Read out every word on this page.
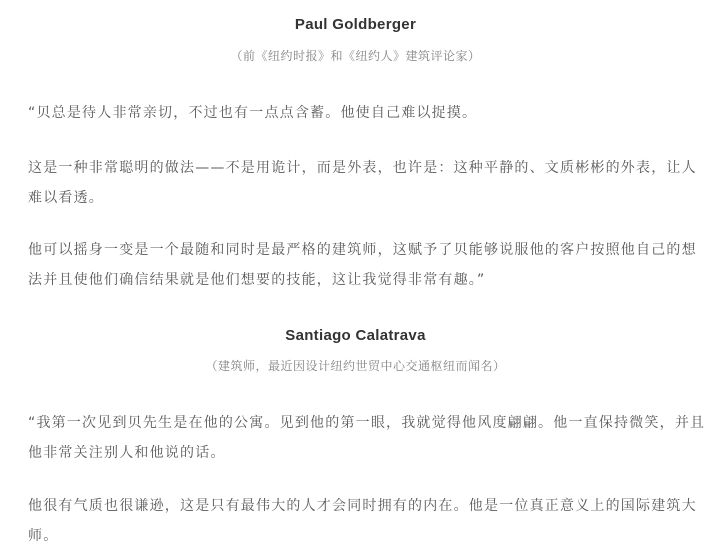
Paul Goldberger
（前《纽约时报》和《纽约人》建筑评论家）

“贝总是待人非常亲切，不过也有一点点含蓄。他使自己难以捉摸。

这是一种非常聪明的做法——不是用诡计，而是外表，也许是：这种平静的、文质彬彬的外表，让人
难以看透。

他可以摇身一变是一个最随和同时是最严格的建筑师，这赋予了贝能够说服他的客户按照他自己的想
法并且使他们确信结果就是他们想要的技能，这让我觉得非常有趣。”

Santiago Calatrava
（建筑师，最近因设计纽约世贸中心交通枢纽而闻名）

“我第一次见到贝先生是在他的公寓。见到他的第一眼，我就觉得他风度翩翩。他一直保持微笑，并且
他非常关注别人和他说的话。

他很有气质也很谦逊，这是只有最伟大的人才会同时拥有的内在。他是一位真正意义上的国际建筑大
师。
